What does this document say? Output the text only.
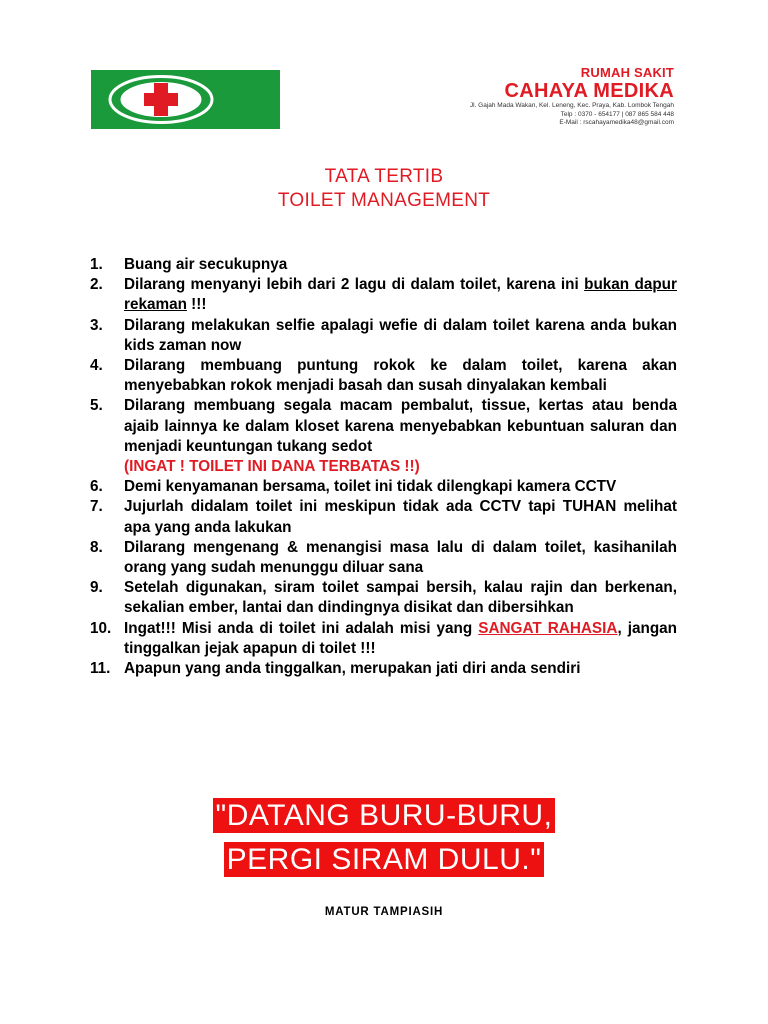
RUMAH SAKIT
CAHAYA MEDIKA
Jl. Gajah Mada Wakan, Kel. Leneng, Kec. Praya, Kab. Lombok Tengah
Telp : 0370 - 654177 | 087 865 584 448
E-Mail : rscahayamedika48@gmail.com
TATA TERTIB
TOILET MANAGEMENT
1.	Buang air secukupnya
2.	Dilarang menyanyi lebih dari 2 lagu di dalam toilet, karena ini bukan dapur rekaman !!!
3.	Dilarang melakukan selfie apalagi wefie di dalam toilet karena anda bukan kids zaman now
4.	Dilarang membuang puntung rokok ke dalam toilet, karena akan menyebabkan rokok menjadi basah dan susah dinyalakan kembali
5.	Dilarang membuang segala macam pembalut, tissue, kertas atau benda ajaib lainnya ke dalam kloset karena menyebabkan kebuntuan saluran dan menjadi keuntungan tukang sedot
(INGAT ! TOILET INI DANA TERBATAS !!)
6.	Demi kenyamanan bersama, toilet ini tidak dilengkapi kamera CCTV
7.	Jujurlah didalam toilet ini meskipun tidak ada CCTV tapi TUHAN melihat apa yang anda lakukan
8.	Dilarang mengenang & menangisi masa lalu di dalam toilet, kasihanilah orang yang sudah menunggu diluar sana
9.	Setelah digunakan, siram toilet sampai bersih, kalau rajin dan berkenan, sekalian ember, lantai dan dindingnya disikat dan dibersihkan
10. Ingat!!! Misi anda di toilet ini adalah misi yang SANGAT RAHASIA, jangan tinggalkan jejak apapun di toilet !!!
11. Apapun yang anda tinggalkan, merupakan jati diri anda sendiri
"DATANG BURU-BURU,
PERGI SIRAM DULU."
MATUR TAMPIASIH
